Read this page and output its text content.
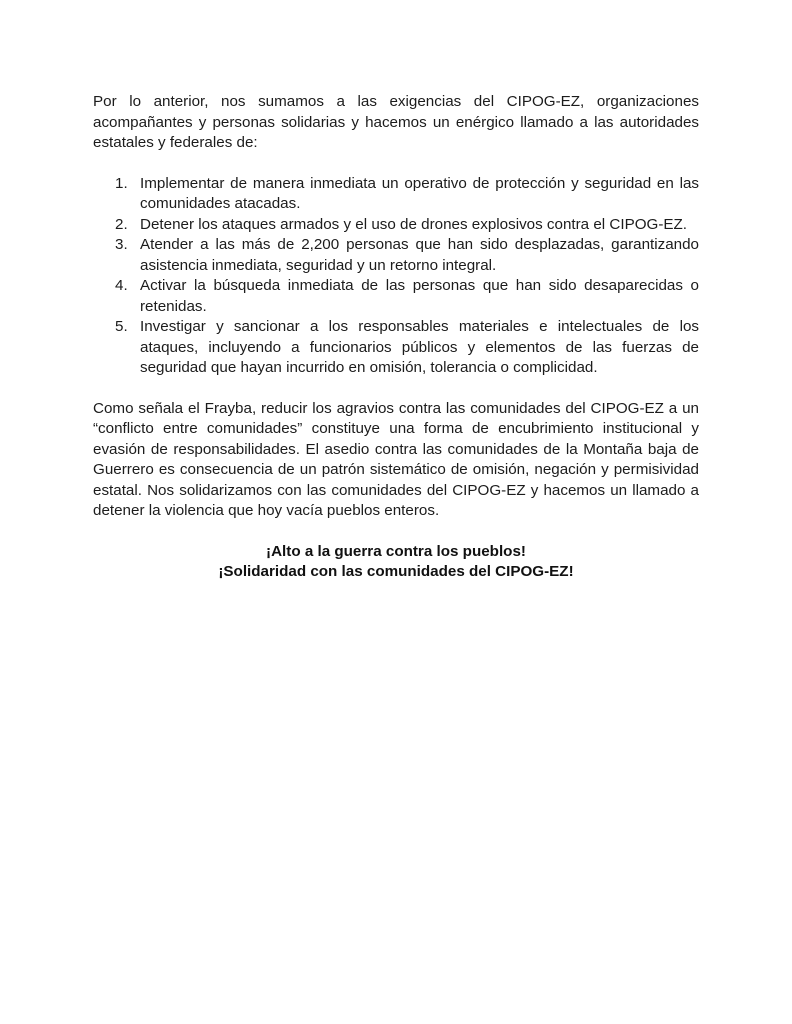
Por lo anterior, nos sumamos a las exigencias del CIPOG-EZ, organizaciones acompañantes y personas solidarias y hacemos un enérgico llamado a las autoridades estatales y federales de:

1. Implementar de manera inmediata un operativo de protección y seguridad en las comunidades atacadas.
2. Detener los ataques armados y el uso de drones explosivos contra el CIPOG-EZ.
3. Atender a las más de 2,200 personas que han sido desplazadas, garantizando asistencia inmediata, seguridad y un retorno integral.
4. Activar la búsqueda inmediata de las personas que han sido desaparecidas o retenidas.
5. Investigar y sancionar a los responsables materiales e intelectuales de los ataques, incluyendo a funcionarios públicos y elementos de las fuerzas de seguridad que hayan incurrido en omisión, tolerancia o complicidad.

Como señala el Frayba, reducir los agravios contra las comunidades del CIPOG-EZ a un “conflicto entre comunidades” constituye una forma de encubrimiento institucional y evasión de responsabilidades. El asedio contra las comunidades de la Montaña baja de Guerrero es consecuencia de un patrón sistemático de omisión, negación y permisividad estatal. Nos solidarizamos con las comunidades del CIPOG-EZ y hacemos un llamado a detener la violencia que hoy vacía pueblos enteros.

¡Alto a la guerra contra los pueblos!
¡Solidaridad con las comunidades del CIPOG-EZ!
